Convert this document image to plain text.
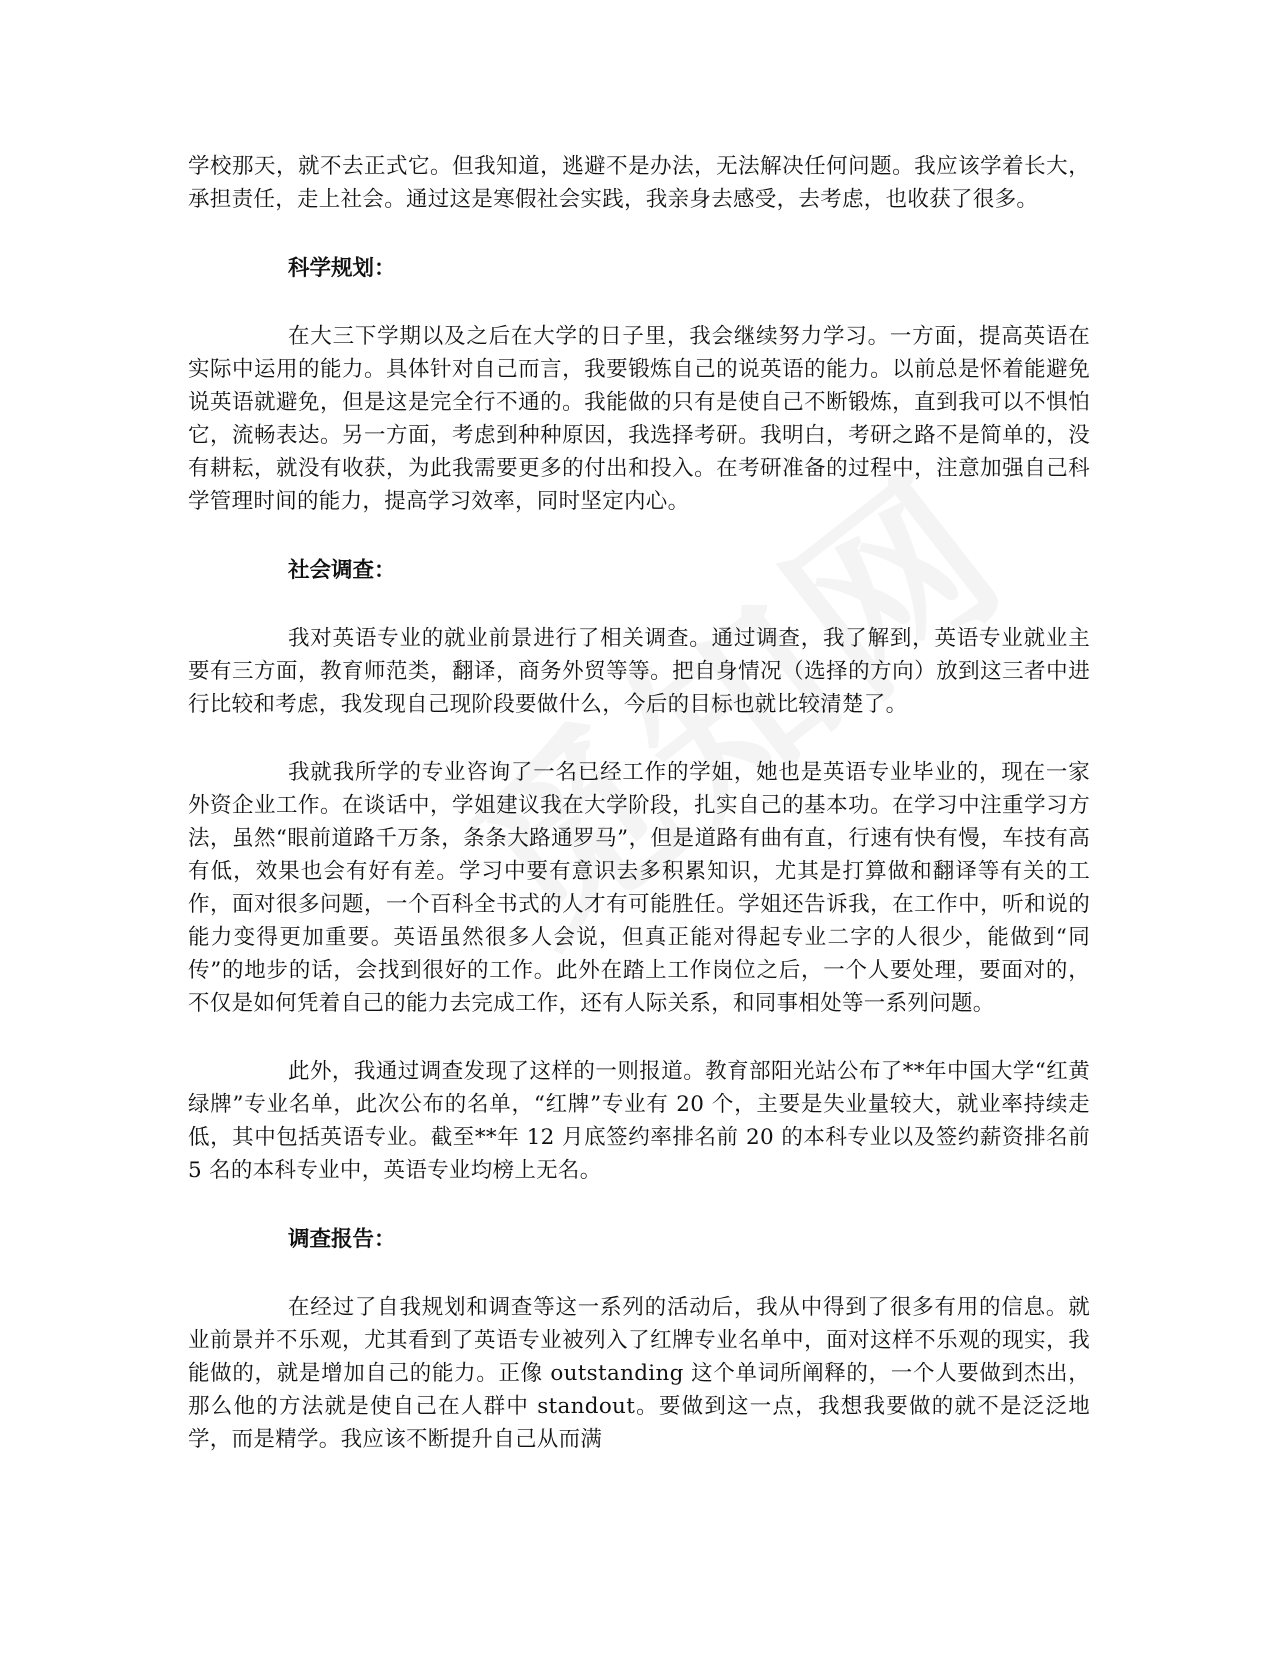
学校那天，就不去正式它。但我知道，逃避不是办法，无法解决任何问题。我应该学着长大，承担责任，走上社会。通过这是寒假社会实践，我亲身去感受，去考虑，也收获了很多。

科学规划：

在大三下学期以及之后在大学的日子里，我会继续努力学习。一方面，提高英语在实际中运用的能力。具体针对自己而言，我要锻炼自己的说英语的能力。以前总是怀着能避免说英语就避免，但是这是完全行不通的。我能做的只有是使自己不断锻炼，直到我可以不惧怕它，流畅表达。另一方面，考虑到种种原因，我选择考研。我明白，考研之路不是简单的，没有耕耘，就没有收获，为此我需要更多的付出和投入。在考研准备的过程中，注意加强自己科学管理时间的能力，提高学习效率，同时坚定内心。

社会调查：

我对英语专业的就业前景进行了相关调查。通过调查，我了解到，英语专业就业主要有三方面，教育师范类，翻译，商务外贸等等。把自身情况（选择的方向）放到这三者中进行比较和考虑，我发现自己现阶段要做什么，今后的目标也就比较清楚了。

我就我所学的专业咨询了一名已经工作的学姐，她也是英语专业毕业的，现在一家外资企业工作。在谈话中，学姐建议我在大学阶段，扎实自己的基本功。在学习中注重学习方法，虽然“眼前道路千万条，条条大路通罗马”，但是道路有曲有直，行速有快有慢，车技有高有低，效果也会有好有差。学习中要有意识去多积累知识，尤其是打算做和翻译等有关的工作，面对很多问题，一个百科全书式的人才有可能胜任。学姐还告诉我，在工作中，听和说的能力变得更加重要。英语虽然很多人会说，但真正能对得起专业二字的人很少，能做到“同传”的地步的话，会找到很好的工作。此外在踏上工作岗位之后，一个人要处理，要面对的，不仅是如何凭着自己的能力去完成工作，还有人际关系，和同事相处等一系列问题。

此外，我通过调查发现了这样的一则报道。教育部阳光站公布了**年中国大学“红黄绿牌”专业名单，此次公布的名单，“红牌”专业有 20 个，主要是失业量较大，就业率持续走低，其中包括英语专业。截至**年 12 月底签约率排名前 20 的本科专业以及签约薪资排名前 5 名的本科专业中，英语专业均榜上无名。

调查报告：

在经过了自我规划和调查等这一系列的活动后，我从中得到了很多有用的信息。就业前景并不乐观，尤其看到了英语专业被列入了红牌专业名单中，面对这样不乐观的现实，我能做的，就是增加自己的能力。正像 outstanding 这个单词所阐释的，一个人要做到杰出，那么他的方法就是使自己在人群中 standout。要做到这一点，我想我要做的就不是泛泛地学，而是精学。我应该不断提升自己从而满
